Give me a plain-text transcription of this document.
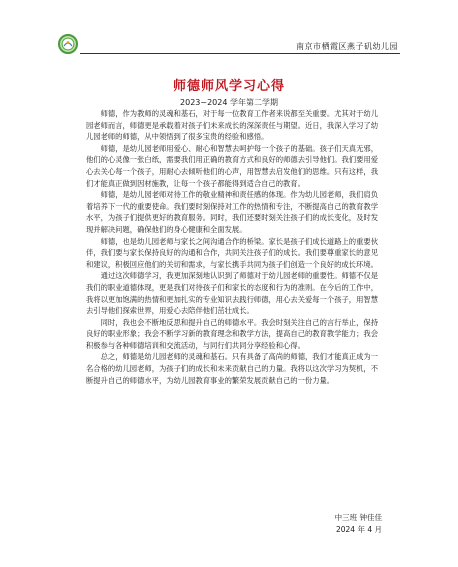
南京市栖霞区燕子矶幼儿园
师德师风学习心得
2023~2024 学年第二学期

师德，作为教师的灵魂和基石，对于每一位教育工作者来说都至关重要。尤其对于幼儿园老师而言，师德更是承载着对孩子们未来成长的深深责任与期望。近日，我深入学习了幼儿园老师的师德，从中领悟到了很多宝贵的经验和感悟。

师德，是幼儿园老师用爱心、耐心和智慧去呵护每一个孩子的基础。孩子们天真无邪，他们的心灵像一张白纸，需要我们用正确的教育方式和良好的师德去引导他们。我们要用爱心去关心每一个孩子，用耐心去倾听他们的心声，用智慧去启发他们的思维。只有这样，我们才能真正做到因材施教，让每一个孩子都能得到适合自己的教育。

师德，是幼儿园老师对待工作的敬业精神和责任感的体现。作为幼儿园老师，我们肩负着培养下一代的重要使命。我们要时刻保持对工作的热情和专注，不断提高自己的教育教学水平，为孩子们提供更好的教育服务。同时，我们还要时刻关注孩子们的成长变化，及时发现并解决问题，确保他们的身心健康和全面发展。

师德，也是幼儿园老师与家长之间沟通合作的桥梁。家长是孩子们成长道路上的重要伙伴，我们要与家长保持良好的沟通和合作，共同关注孩子们的成长。我们要尊重家长的意见和建议，积极回应他们的关切和需求，与家长携手共同为孩子们创造一个良好的成长环境。

通过这次师德学习，我更加深刻地认识到了师德对于幼儿园老师的重要性。师德不仅是我们的职业道德体现，更是我们对待孩子们和家长的态度和行为的准则。在今后的工作中，我将以更加饱满的热情和更加扎实的专业知识去践行师德，用心去关爱每一个孩子，用智慧去引导他们探索世界，用爱心去陪伴他们茁壮成长。

同时，我也会不断地反思和提升自己的师德水平。我会时刻关注自己的言行举止，保持良好的职业形象；我会不断学习新的教育理念和教学方法，提高自己的教育教学能力；我会积极参与各种师德培训和交流活动，与同行们共同分享经验和心得。

总之，师德是幼儿园老师的灵魂和基石。只有具备了高尚的师德，我们才能真正成为一名合格的幼儿园老师，为孩子们的成长和未来贡献自己的力量。我将以这次学习为契机，不断提升自己的师德水平，为幼儿园教育事业的繁荣发展贡献自己的一份力量。

中三班 钟佳佳
2024 年 4 月
